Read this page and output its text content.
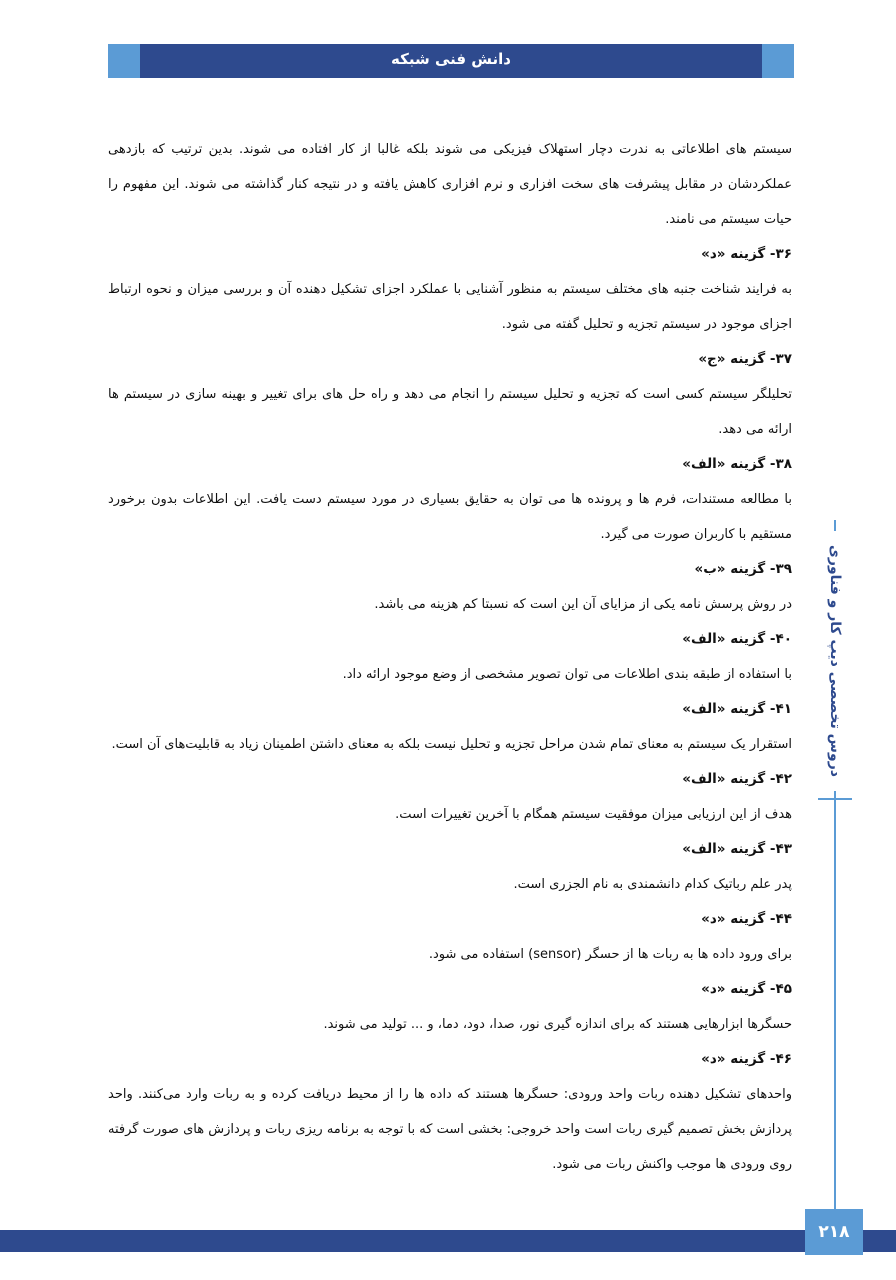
دانش فنی شبکه

سیستم های اطلاعاتی به ندرت دچار استهلاک فیزیکی می شوند بلکه غالبا از کار افتاده می شوند. بدین ترتیب که بازدهی عملکردشان در مقابل پیشرفت های سخت افزاری و نرم افزاری کاهش یافته و در نتیجه کنار گذاشته می شوند. این مفهوم را حیات سیستم می نامند.

۳۶- گزینه «د»

به فرایند شناخت جنبه های مختلف سیستم به منظور آشنایی با عملکرد اجزای تشکیل دهنده آن و بررسی میزان و نحوه ارتباط اجزای موجود در سیستم تجزیه و تحلیل گفته می شود.

۳۷- گزینه «ج»

تحلیلگر سیستم کسی است که تجزیه و تحلیل سیستم را انجام می دهد و راه حل های برای تغییر و بهینه سازی در سیستم ها ارائه می دهد.

۳۸- گزینه «الف»

با مطالعه مستندات، فرم ها و پرونده ها می توان به حقایق بسیاری در مورد سیستم دست یافت. این اطلاعات بدون برخورد مستقیم با کاربران صورت می گیرد.

۳۹- گزینه «ب»

در روش پرسش نامه یکی از مزایای آن این است که نسبتا کم هزینه می باشد.

۴۰- گزینه «الف»

با استفاده از طبقه بندی اطلاعات می توان تصویر مشخصی از وضع موجود ارائه داد.

۴۱- گزینه «الف»

استقرار یک سیستم به معنای تمام شدن مراحل تجزیه و تحلیل نیست بلکه به معنای داشتن اطمینان زیاد به قابلیت‌های آن است.

۴۲- گزینه «الف»

هدف از این ارزیابی میزان موفقیت سیستم همگام با آخرین تغییرات است.

۴۳- گزینه «الف»

پدر علم رباتیک کدام دانشمندی به نام الجزری است.

۴۴- گزینه «د»

برای ورود داده ها به ربات ها از حسگر (sensor) استفاده می شود.

۴۵- گزینه «د»

حسگرها ابزارهایی هستند که برای اندازه گیری نور، صدا، دود، دما، و ... تولید می شوند.

۴۶- گزینه «د»

واحدهای تشکیل دهنده ربات واحد ورودی: حسگرها هستند که داده ها را از محیط دریافت کرده و به ربات وارد می‌کنند. واحد پردازش بخش تصمیم گیری ربات است واحد خروجی: بخشی است که با توجه به برنامه ریزی ربات و پردازش های صورت گرفته روی ورودی ها موجب واکنش ربات می شود.

دروس تخصصی دیپ کار و فناوری
۲۱۸
